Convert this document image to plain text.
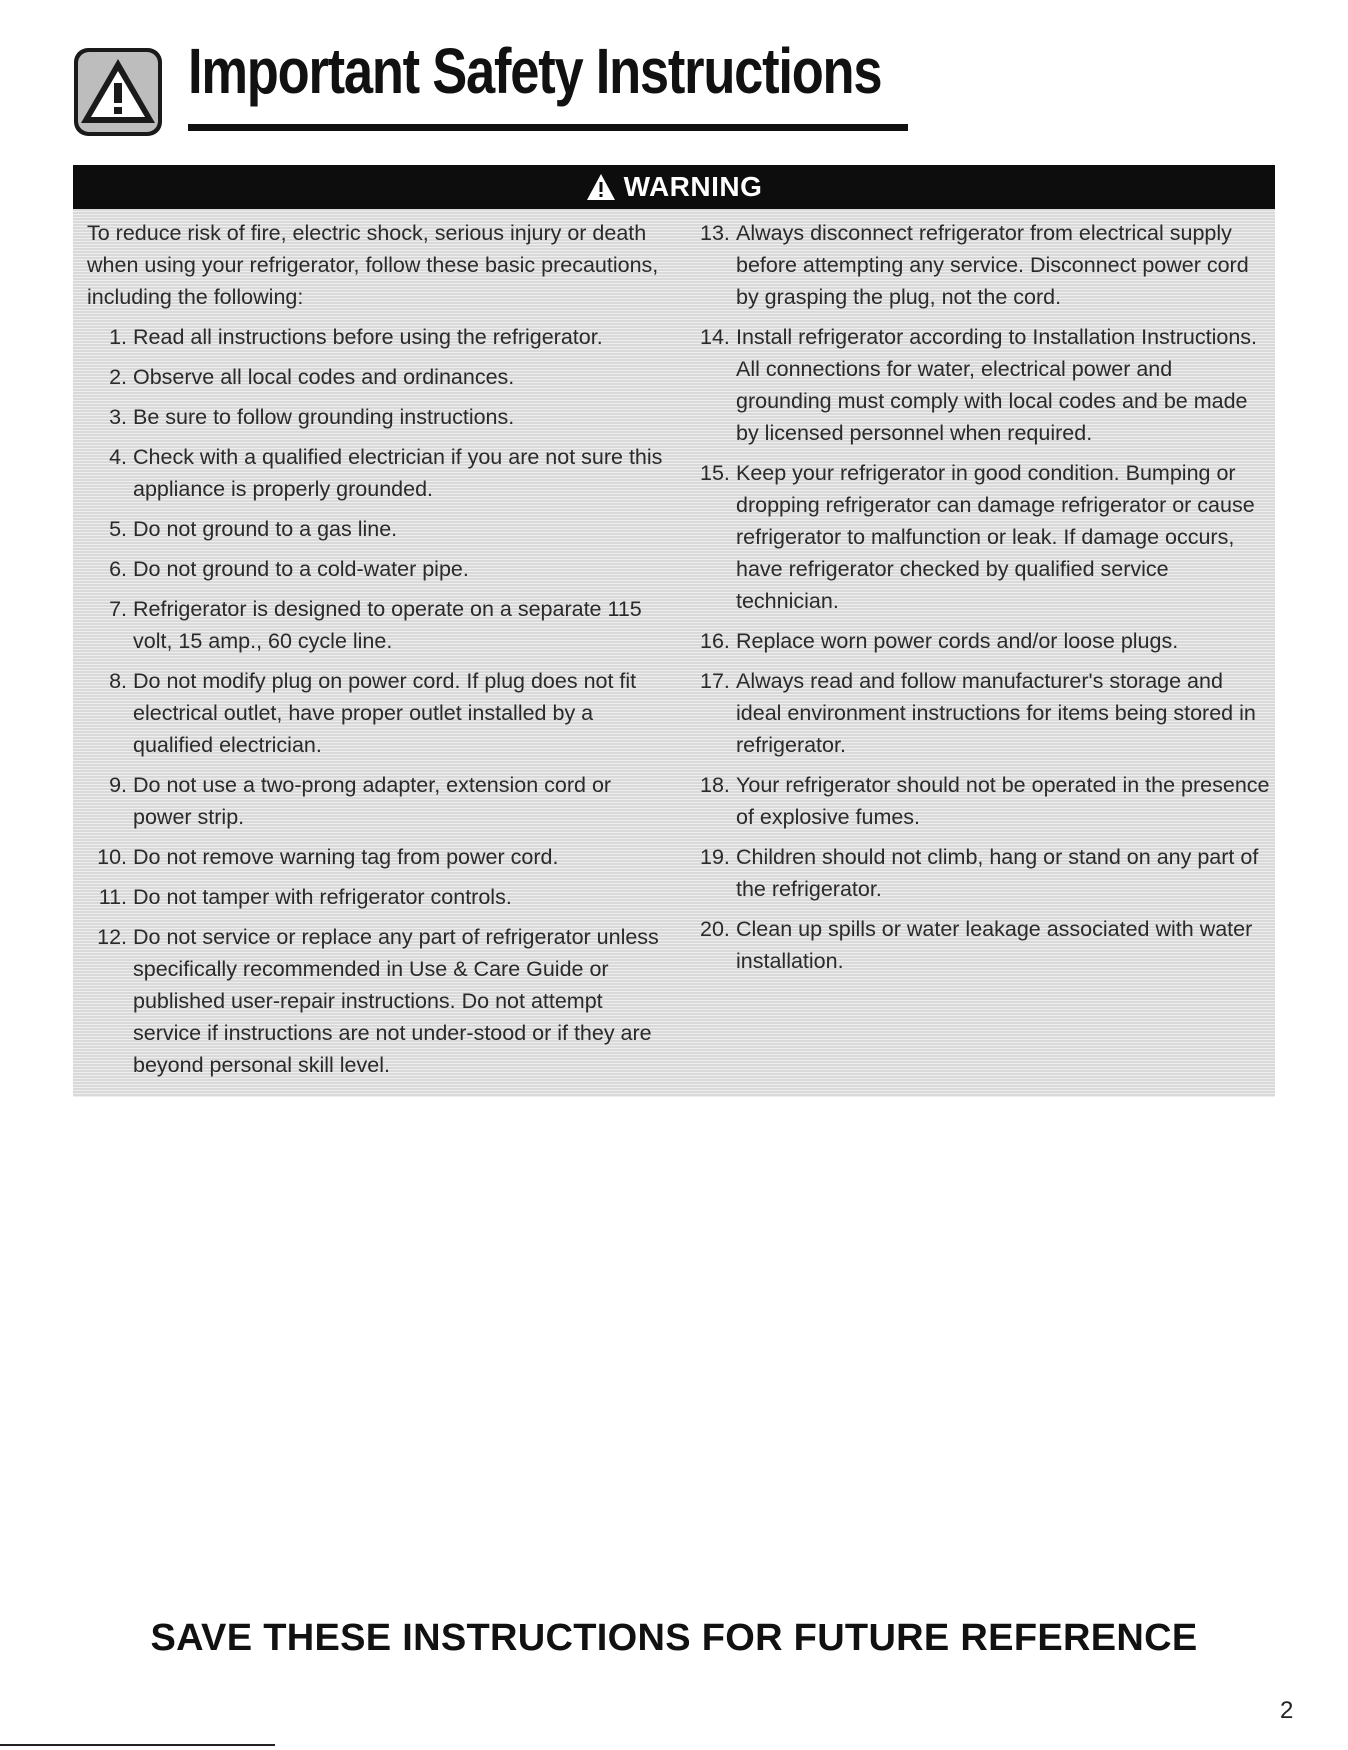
Important Safety Instructions
WARNING

To reduce risk of fire, electric shock, serious injury or death when using your refrigerator, follow these basic precautions, including the following:

1. Read all instructions before using the refrigerator.
2. Observe all local codes and ordinances.
3. Be sure to follow grounding instructions.
4. Check with a qualified electrician if you are not sure this appliance is properly grounded.
5. Do not ground to a gas line.
6. Do not ground to a cold-water pipe.
7. Refrigerator is designed to operate on a separate 115 volt, 15 amp., 60 cycle line.
8. Do not modify plug on power cord. If plug does not fit electrical outlet, have proper outlet installed by a qualified electrician.
9. Do not use a two-prong adapter, extension cord or power strip.
10. Do not remove warning tag from power cord.
11. Do not tamper with refrigerator controls.
12. Do not service or replace any part of refrigerator unless specifically recommended in Use & Care Guide or published user-repair instructions. Do not attempt service if instructions are not under-stood or if they are beyond personal skill level.
13. Always disconnect refrigerator from electrical supply before attempting any service. Disconnect power cord by grasping the plug, not the cord.
14. Install refrigerator according to Installation Instructions. All connections for water, electrical power and grounding must comply with local codes and be made by licensed personnel when required.
15. Keep your refrigerator in good condition. Bumping or dropping refrigerator can damage refrigerator or cause refrigerator to malfunction or leak. If damage occurs, have refrigerator checked by qualified service technician.
16. Replace worn power cords and/or loose plugs.
17. Always read and follow manufacturer's storage and ideal environment instructions for items being stored in refrigerator.
18. Your refrigerator should not be operated in the presence of explosive fumes.
19. Children should not climb, hang or stand on any part of the refrigerator.
20. Clean up spills or water leakage associated with water installation.
SAVE THESE INSTRUCTIONS FOR FUTURE REFERENCE
2
